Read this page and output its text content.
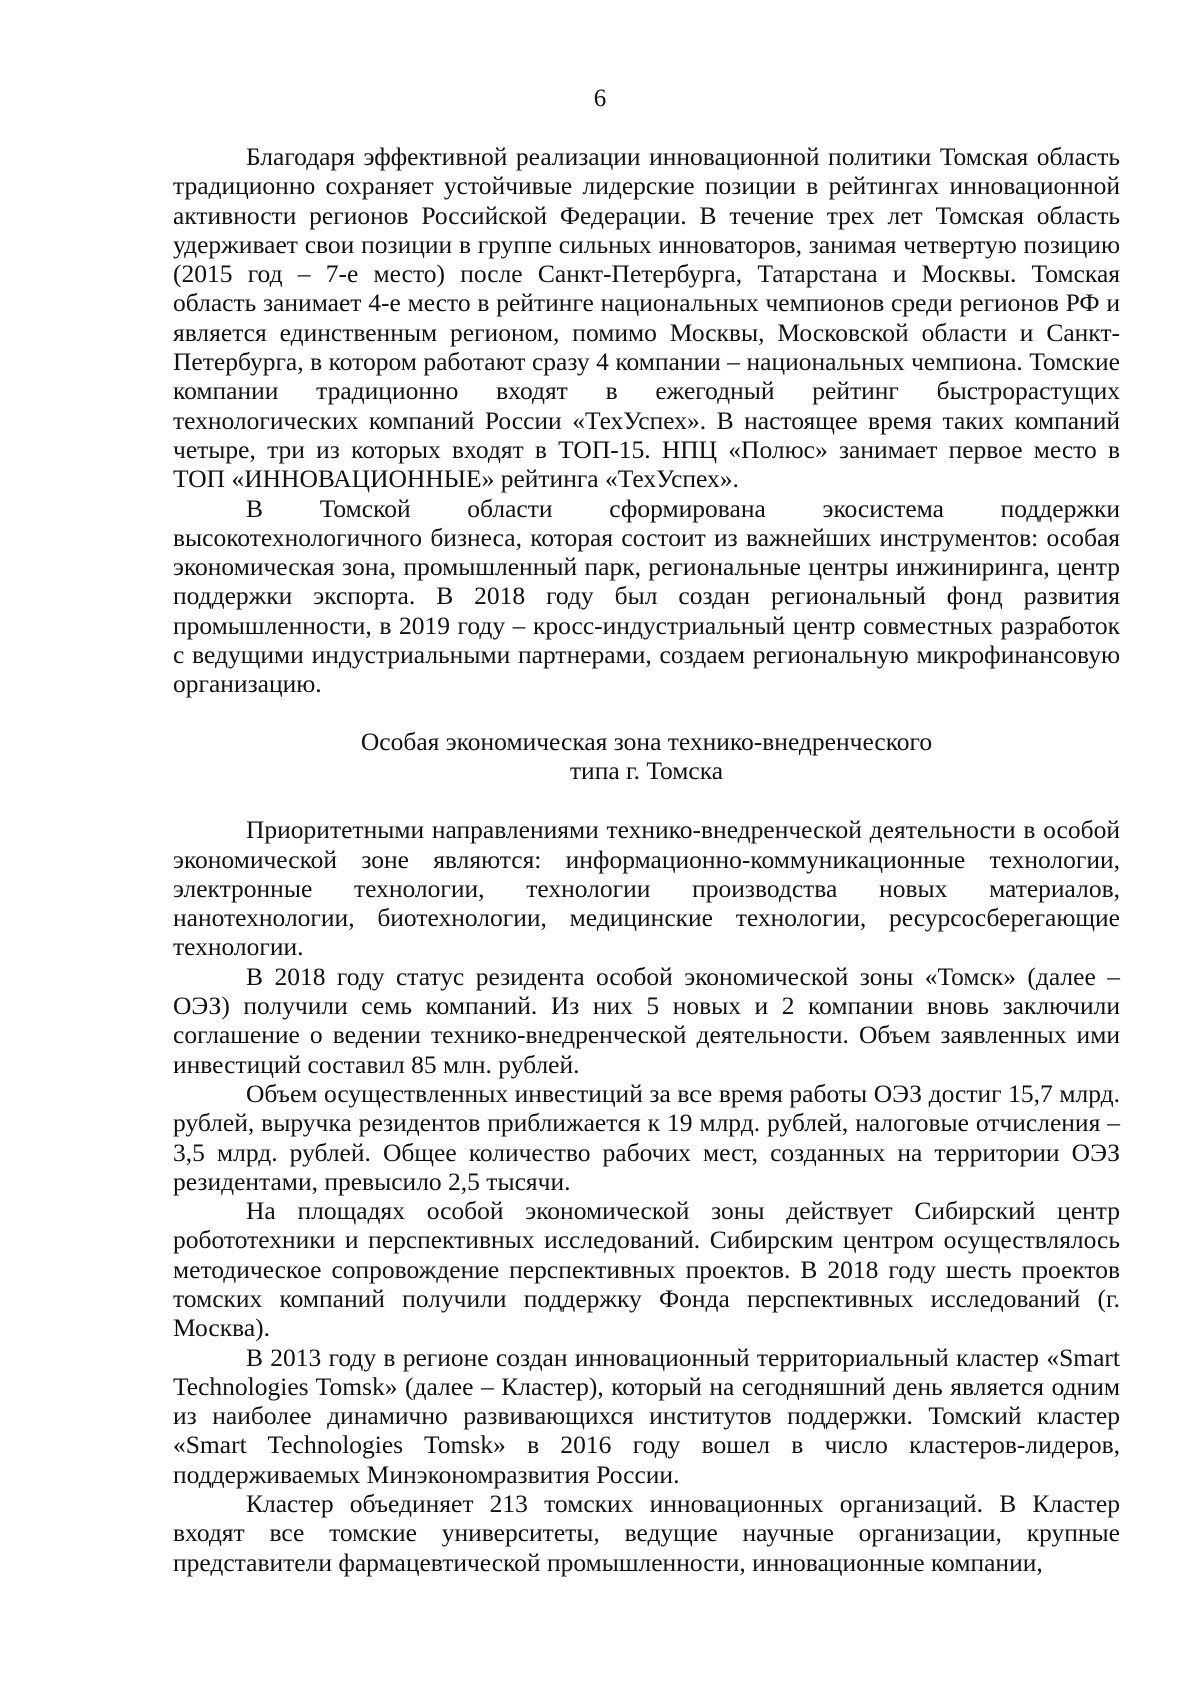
6

Благодаря эффективной реализации инновационной политики Томская область традиционно сохраняет устойчивые лидерские позиции в рейтингах инновационной активности регионов Российской Федерации. В течение трех лет Томская область удерживает свои позиции в группе сильных инноваторов, занимая четвертую позицию (2015 год – 7-е место) после Санкт-Петербурга, Татарстана и Москвы. Томская область занимает 4-е место в рейтинге национальных чемпионов среди регионов РФ и является единственным регионом, помимо Москвы, Московской области и Санкт-Петербурга, в котором работают сразу 4 компании – национальных чемпиона. Томские компании традиционно входят в ежегодный рейтинг быстрорастущих технологических компаний России «ТехУспех». В настоящее время таких компаний четыре, три из которых входят в ТОП-15. НПЦ «Полюс» занимает первое место в ТОП «ИННОВАЦИОННЫЕ» рейтинга «ТехУспех».

В Томской области сформирована экосистема поддержки высокотехнологичного бизнеса, которая состоит из важнейших инструментов: особая экономическая зона, промышленный парк, региональные центры инжиниринга, центр поддержки экспорта. В 2018 году был создан региональный фонд развития промышленности, в 2019 году – кросс-индустриальный центр совместных разработок с ведущими индустриальными партнерами, создаем региональную микрофинансовую организацию.

Особая экономическая зона технико-внедренческого
типа г. Томска

Приоритетными направлениями технико-внедренческой деятельности в особой экономической зоне являются: информационно-коммуникационные технологии, электронные технологии, технологии производства новых материалов, нанотехнологии, биотехнологии, медицинские технологии, ресурсосберегающие технологии.

В 2018 году статус резидента особой экономической зоны «Томск» (далее – ОЭЗ) получили семь компаний. Из них 5 новых и 2 компании вновь заключили соглашение о ведении технико-внедренческой деятельности. Объем заявленных ими инвестиций составил 85 млн. рублей.

Объем осуществленных инвестиций за все время работы ОЭЗ достиг 15,7 млрд. рублей, выручка резидентов приближается к 19 млрд. рублей, налоговые отчисления – 3,5 млрд. рублей. Общее количество рабочих мест, созданных на территории ОЭЗ резидентами, превысило 2,5 тысячи.

На площадях особой экономической зоны действует Сибирский центр робототехники и перспективных исследований. Сибирским центром осуществлялось методическое сопровождение перспективных проектов. В 2018 году шесть проектов томских компаний получили поддержку Фонда перспективных исследований (г. Москва).

В 2013 году в регионе создан инновационный территориальный кластер «Smart Technologies Tomsk» (далее – Кластер), который на сегодняшний день является одним из наиболее динамично развивающихся институтов поддержки. Томский кластер «Smart Technologies Tomsk» в 2016 году вошел в число кластеров-лидеров, поддерживаемых Минэкономразвития России.

Кластер объединяет 213 томских инновационных организаций. В Кластер входят все томские университеты, ведущие научные организации, крупные представители фармацевтической промышленности, инновационные компании,
